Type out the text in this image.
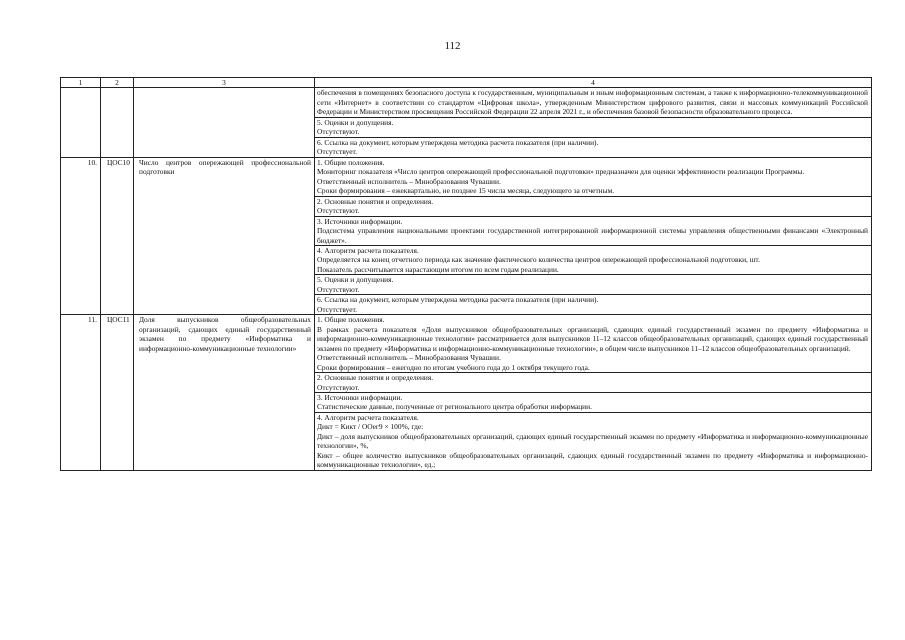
112
1	2	3	4

			обеспечения в помещениях безопасного доступа к государственным, муниципальным и иным информационным системам, а также к информационно-телекоммуникационной сети «Интернет» в соответствии со стандартом «Цифровая школа», утвержденным Министерством цифрового развития, связи и массовых коммуникаций Российской Федерации и Министерством просвещения Российской Федерации 22 апреля 2021 г., и обеспечения базовой безопасности образовательного процесса.

			5. Оценки и допущения.
Отсутствуют.

			6. Ссылка на документ, которым утверждена методика расчета показателя (при наличии).
Отсутствует.

10.	ЦОС10	Число центров опережающей профессиональной подготовки	1. Общие положения.
Мониторинг показателя «Число центров опережающей профессиональной подготовки» предназначен для оценки эффективности реализации Программы.
Ответственный исполнитель – Минобразования Чувашии.
Сроки формирования – ежеквартально, не позднее 15 числа месяца, следующего за отчетным.

			2. Основные понятия и определения.
Отсутствуют.

			3. Источники информации.
Подсистема управления национальными проектами государственной интегрированной информационной системы управления общественными финансами «Электронный бюджет».

			4. Алгоритм расчета показателя.
Определяется на конец отчетного периода как значение фактического количества центров опережающей профессиональной подготовки, шт.
Показатель рассчитывается нарастающим итогом по всем годам реализации.

			5. Оценки и допущения.
Отсутствуют.

			6. Ссылка на документ, которым утверждена методика расчета показателя (при наличии).
Отсутствует.

11.	ЦОС11	Доля выпускников общеобразовательных организаций, сдающих единый государственный экзамен по предмету «Информатика и информационно-коммуникационные технологии»	1. Общие положения.
В рамках расчета показателя «Доля выпускников общеобразовательных организаций, сдающих единый государственный экзамен по предмету «Информатика и информационно-коммуникационные технологии» рассматривается доля выпускников 11–12 классов общеобразовательных организаций, сдающих единый государственный экзамен по предмету «Информатика и информационно-коммуникационные технологии», в общем числе выпускников 11–12 классов общеобразовательных организаций.
Ответственный исполнитель – Минобразования Чувашии.
Сроки формирования – ежегодно по итогам учебного года до 1 октября текущего года.

			2. Основные понятия и определения.
Отсутствуют.

			3. Источники информации.
Статистические данные, полученные от регионального центра обработки информации.

			4. Алгоритм расчета показателя.
Дикт = Кикт / ООег9 × 100%, где:
Дикт – доля выпускников общеобразовательных организаций, сдающих единый государственный экзамен по предмету «Информатика и информационно-коммуникационные технологии», %,
Кикт – общее количество выпускников общеобразовательных организаций, сдающих единый государственный экзамен по предмету «Информатика и информационно-коммуникационные технологии», ед.;
